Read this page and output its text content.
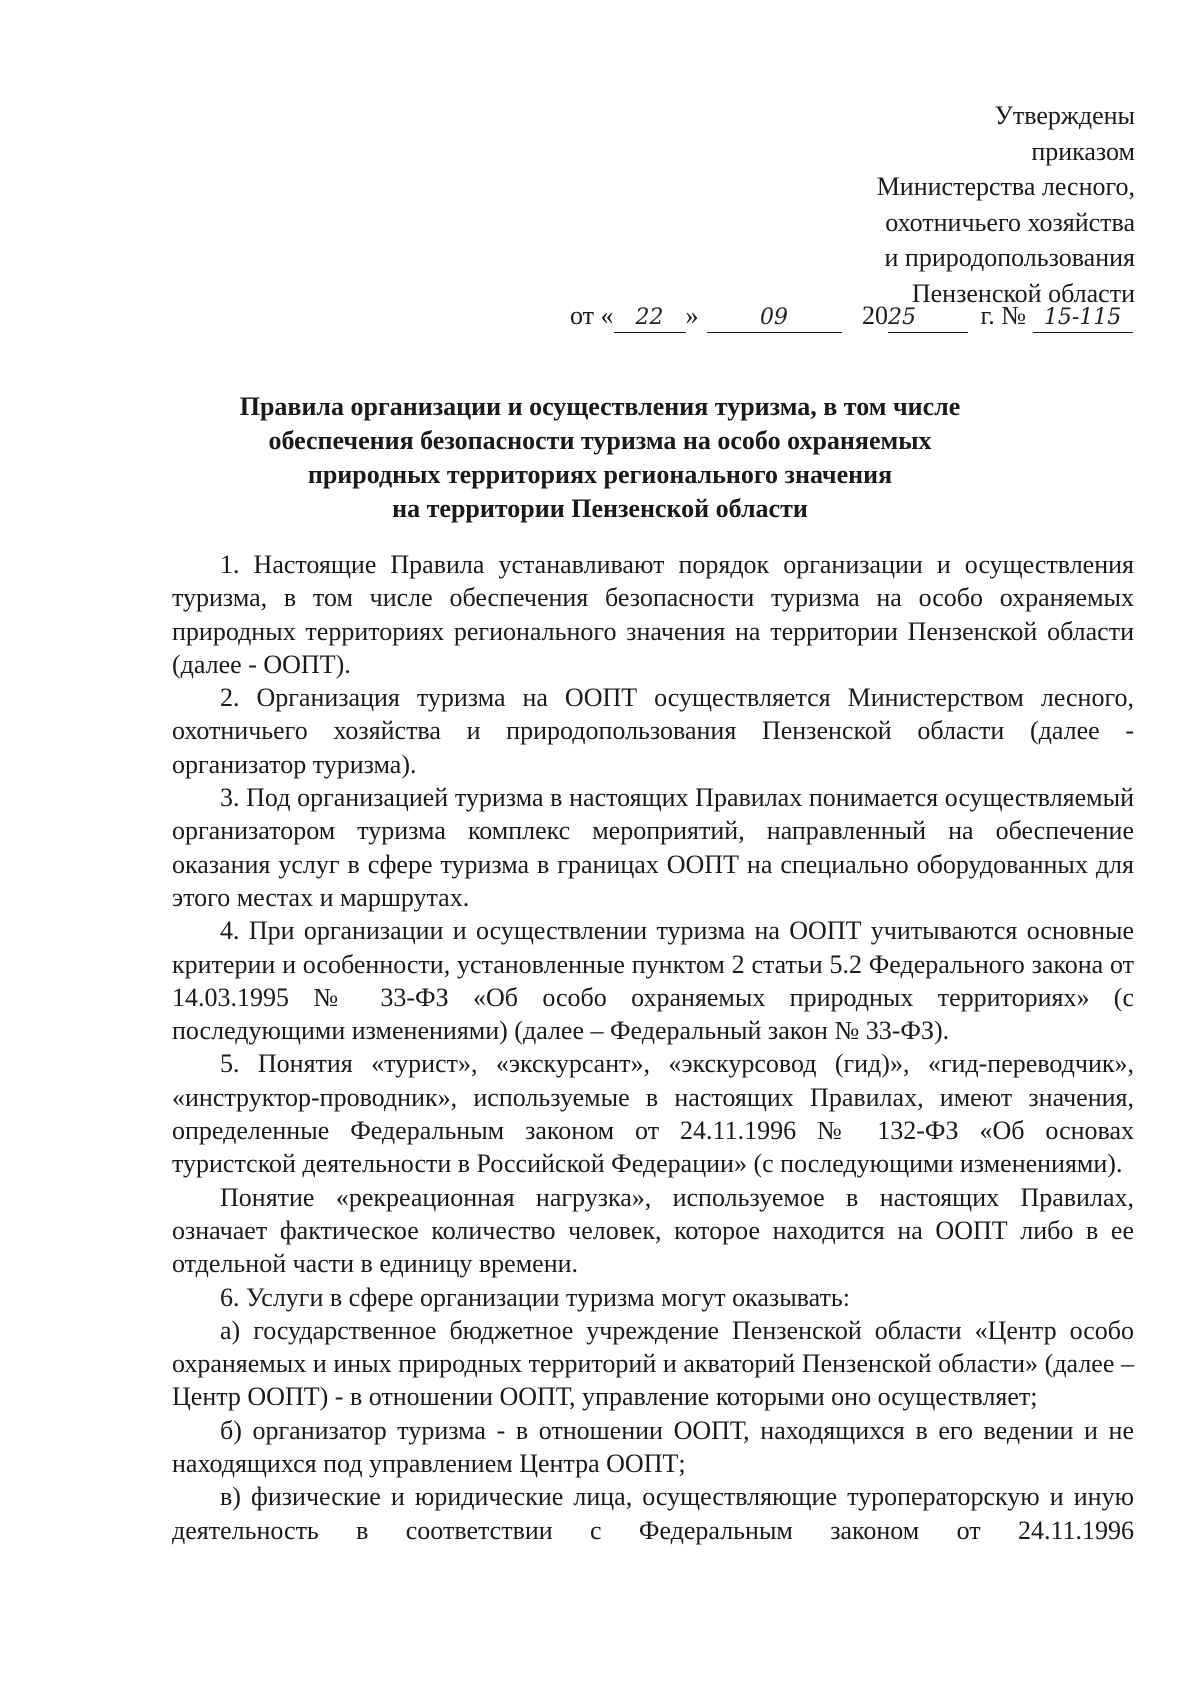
Утверждены
приказом
Министерства лесного,
охотничьего хозяйства
и природопользования
Пензенской области
от « 22 »	09	2025 г. № 15-115
Правила организации и осуществления туризма, в том числе
обеспечения безопасности туризма на особо охраняемых
природных территориях регионального значения
на территории Пензенской области

1. Настоящие Правила устанавливают порядок организации и осуществления туризма, в том числе обеспечения безопасности туризма на особо охраняемых природных территориях регионального значения на территории Пензенской области (далее - ООПТ).

2. Организация туризма на ООПТ осуществляется Министерством лесного, охотничьего хозяйства и природопользования Пензенской области (далее - организатор туризма).

3. Под организацией туризма в настоящих Правилах понимается осуществляемый организатором туризма комплекс мероприятий, направленный на обеспечение оказания услуг в сфере туризма в границах ООПТ на специально оборудованных для этого местах и маршрутах.

4. При организации и осуществлении туризма на ООПТ учитываются основные критерии и особенности, установленные пунктом 2 статьи 5.2 Федерального закона от 14.03.1995 № 33-ФЗ «Об особо охраняемых природных территориях» (с последующими изменениями) (далее – Федеральный закон № 33-ФЗ).

5. Понятия «турист», «экскурсант», «экскурсовод (гид)», «гид-переводчик», «инструктор-проводник», используемые в настоящих Правилах, имеют значения, определенные Федеральным законом от 24.11.1996 № 132-ФЗ «Об основах туристской деятельности в Российской Федерации» (с последующими изменениями).

Понятие «рекреационная нагрузка», используемое в настоящих Правилах, означает фактическое количество человек, которое находится на ООПТ либо в ее отдельной части в единицу времени.

6. Услуги в сфере организации туризма могут оказывать:

а) государственное бюджетное учреждение Пензенской области «Центр особо охраняемых и иных природных территорий и акваторий Пензенской области» (далее – Центр ООПТ) - в отношении ООПТ, управление которыми оно осуществляет;

б) организатор туризма - в отношении ООПТ, находящихся в его ведении и не находящихся под управлением Центра ООПТ;

в) физические и юридические лица, осуществляющие туроператорскую и иную деятельность в соответствии с Федеральным законом от 24.11.1996
